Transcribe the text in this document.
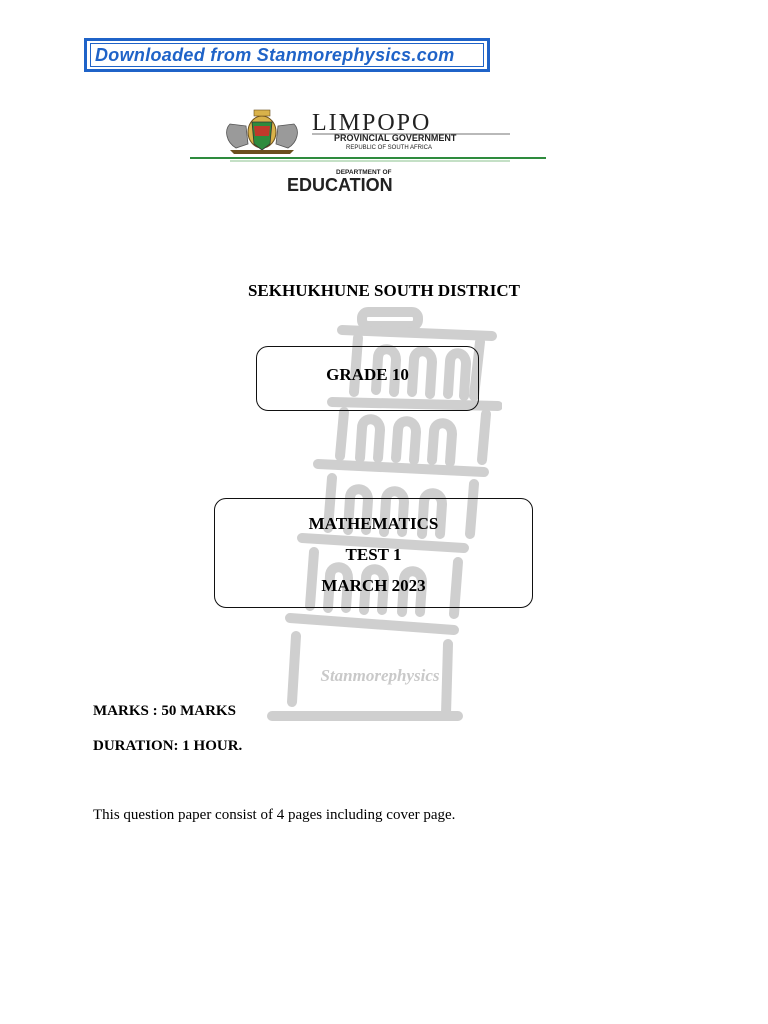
Downloaded from Stanmorephysics.com
LIMPOPO
PROVINCIAL GOVERNMENT
REPUBLIC OF SOUTH AFRICA
DEPARTMENT OF
EDUCATION
Stanmorephysics
SEKHUKHUNE SOUTH DISTRICT
GRADE 10
MATHEMATICS
TEST 1
MARCH 2023
MARKS : 50 MARKS
DURATION: 1 HOUR.
This question paper consist of 4 pages including cover page.
